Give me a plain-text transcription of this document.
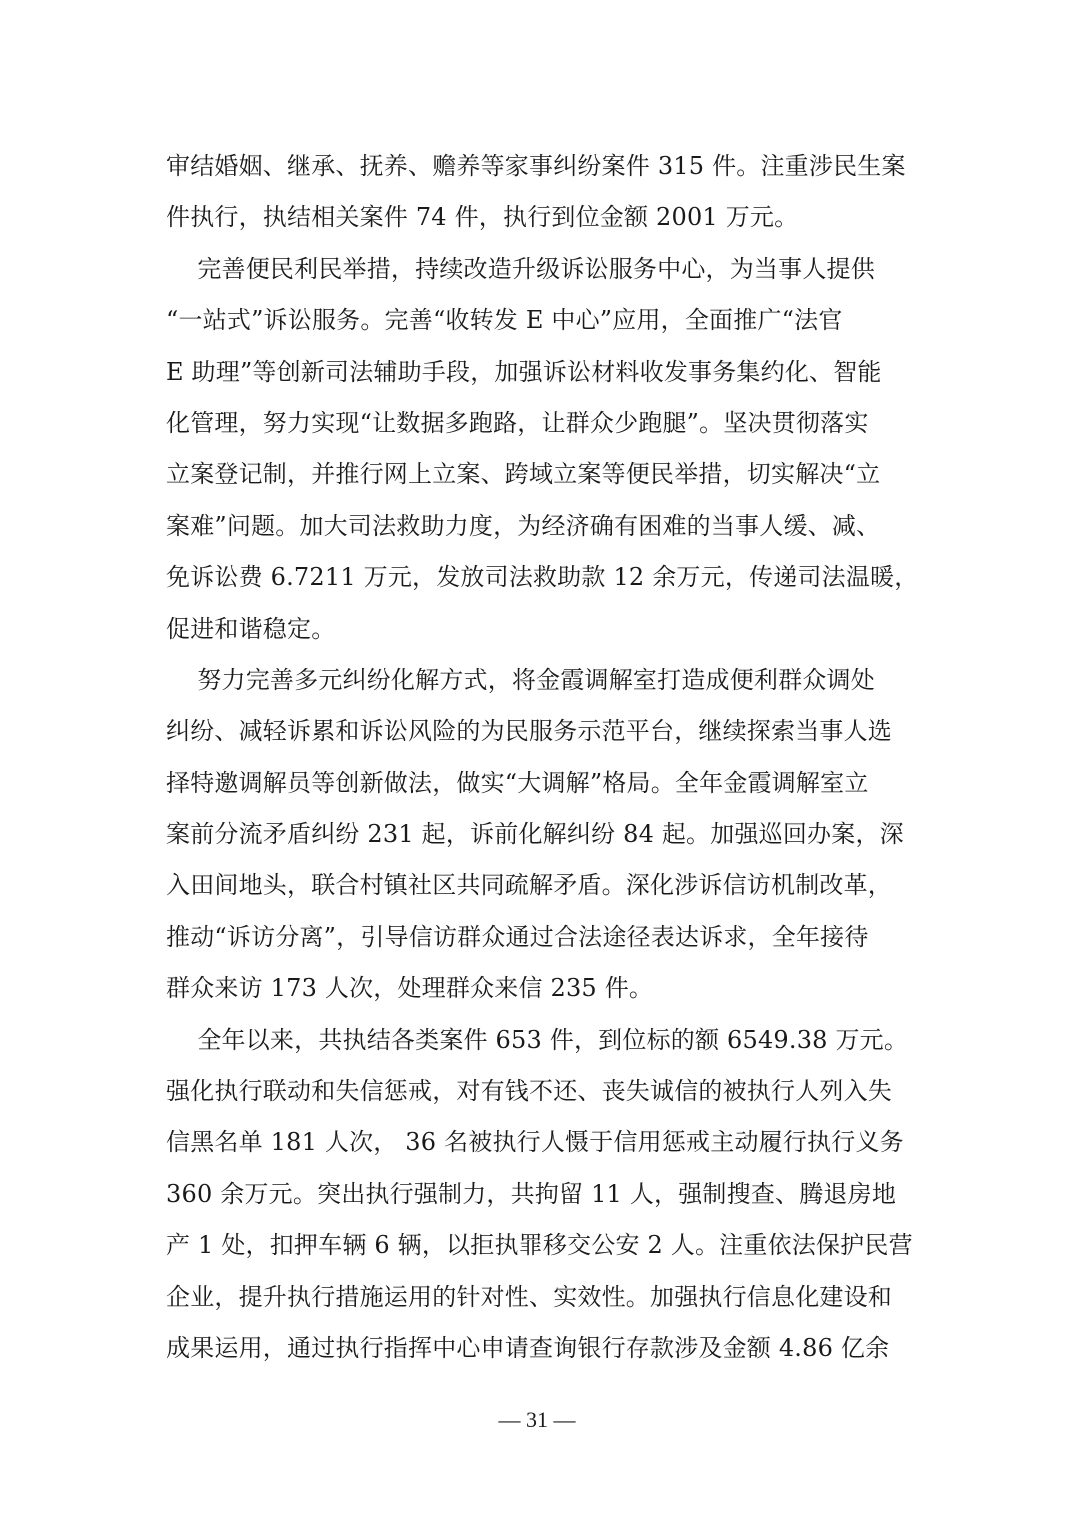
审结婚姻、继承、抚养、赡养等家事纠纷案件 315 件。注重涉民生案
件执行，执结相关案件 74 件，执行到位金额 2001 万元。
完善便民利民举措，持续改造升级诉讼服务中心，为当事人提供
“一站式”诉讼服务。完善“收转发 E 中心”应用，全面推广“法官
E 助理”等创新司法辅助手段，加强诉讼材料收发事务集约化、智能
化管理，努力实现“让数据多跑路，让群众少跑腿”。坚决贯彻落实
立案登记制，并推行网上立案、跨域立案等便民举措，切实解决“立
案难”问题。加大司法救助力度，为经济确有困难的当事人缓、减、
免诉讼费 6.7211 万元，发放司法救助款 12 余万元，传递司法温暖，
促进和谐稳定。
努力完善多元纠纷化解方式，将金霞调解室打造成便利群众调处
纠纷、减轻诉累和诉讼风险的为民服务示范平台，继续探索当事人选
择特邀调解员等创新做法，做实“大调解”格局。全年金霞调解室立
案前分流矛盾纠纷 231 起，诉前化解纠纷 84 起。加强巡回办案，深
入田间地头，联合村镇社区共同疏解矛盾。深化涉诉信访机制改革，
推动“诉访分离”，引导信访群众通过合法途径表达诉求，全年接待
群众来访 173 人次，处理群众来信 235 件。
全年以来，共执结各类案件 653 件，到位标的额 6549.38 万元。
强化执行联动和失信惩戒，对有钱不还、丧失诚信的被执行人列入失
信黑名单 181 人次， 36 名被执行人慑于信用惩戒主动履行执行义务
360 余万元。突出执行强制力，共拘留 11 人，强制搜查、腾退房地
产 1 处，扣押车辆 6 辆，以拒执罪移交公安 2 人。注重依法保护民营
企业，提升执行措施运用的针对性、实效性。加强执行信息化建设和
成果运用，通过执行指挥中心申请查询银行存款涉及金额 4.86 亿余
— 31 —
